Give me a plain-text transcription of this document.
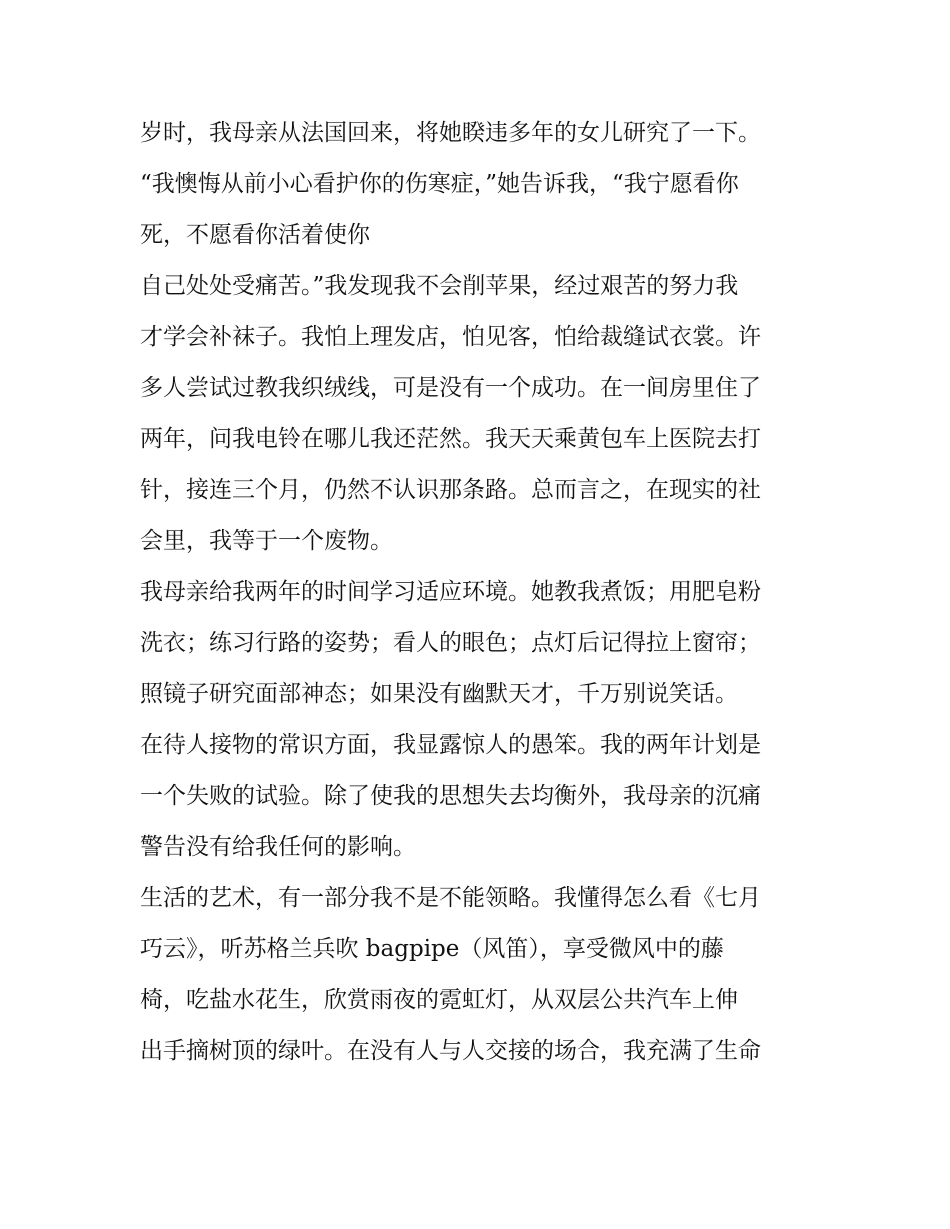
岁时，我母亲从法国回来，将她睽违多年的女儿研究了一下。
“我懊悔从前小心看护你的伤寒症，”她告诉我，“我宁愿看你
死，不愿看你活着使你
自己处处受痛苦。”我发现我不会削苹果，经过艰苦的努力我
才学会补袜子。我怕上理发店，怕见客，怕给裁缝试衣裳。许
多人尝试过教我织绒线，可是没有一个成功。在一间房里住了
两年，问我电铃在哪儿我还茫然。我天天乘黄包车上医院去打
针，接连三个月，仍然不认识那条路。总而言之，在现实的社
会里，我等于一个废物。
我母亲给我两年的时间学习适应环境。她教我煮饭；用肥皂粉
洗衣；练习行路的姿势；看人的眼色；点灯后记得拉上窗帘；
照镜子研究面部神态；如果没有幽默天才，千万别说笑话。
在待人接物的常识方面，我显露惊人的愚笨。我的两年计划是
一个失败的试验。除了使我的思想失去均衡外，我母亲的沉痛
警告没有给我任何的影响。
生活的艺术，有一部分我不是不能领略。我懂得怎么看《七月
巧云》，听苏格兰兵吹 bagpipe（风笛），享受微风中的藤
椅，吃盐水花生，欣赏雨夜的霓虹灯，从双层公共汽车上伸
出手摘树顶的绿叶。在没有人与人交接的场合，我充满了生命
